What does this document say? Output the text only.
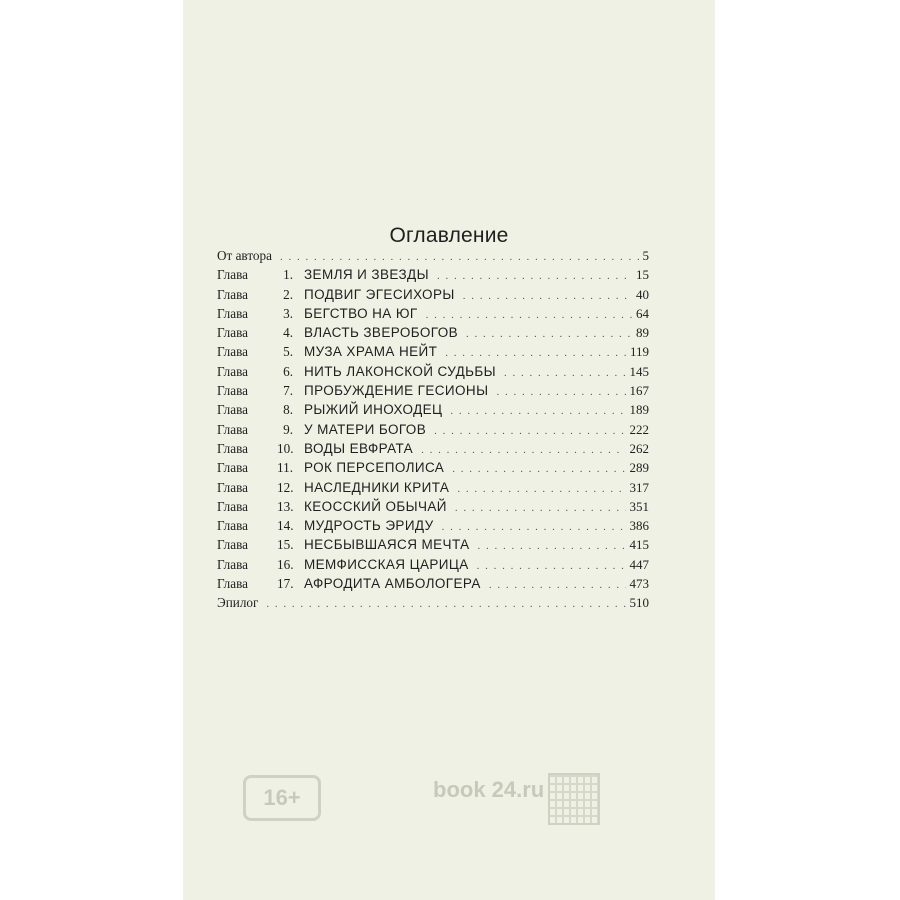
16+	book 24.ru
Оглавление
От автора . . .	5
Глава	1. ЗЕМЛЯ И ЗВЕЗДЫ . . .	15
Глава	2. ПОДВИГ ЭГЕСИХОРЫ . . .	40
Глава	3. БЕГСТВО НА ЮГ . . .	64
Глава	4. ВЛАСТЬ ЗВЕРОБОГОВ . . .	89
Глава	5. МУЗА ХРАМА НЕЙТ . . .	119
Глава	6. НИТЬ ЛАКОНСКОЙ СУДЬБЫ . . .	145
Глава	7. ПРОБУЖДЕНИЕ ГЕСИОНЫ . . .	167
Глава	8. РЫЖИЙ ИНОХОДЕЦ . . .	189
Глава	9. У МАТЕРИ БОГОВ . . .	222
Глава	10. ВОДЫ ЕВФРАТА . . .	262
Глава	11. РОК ПЕРСЕПОЛИСА . . .	289
Глава	12. НАСЛЕДНИКИ КРИТА . . .	317
Глава	13. КЕОССКИЙ ОБЫЧАЙ . . .	351
Глава	14. МУДРОСТЬ ЭРИДУ . . .	386
Глава	15. НЕСБЫВШАЯСЯ МЕЧТА . . .	415
Глава	16. МЕМФИССКАЯ ЦАРИЦА . . .	447
Глава	17. АФРОДИТА АМБОЛОГЕРА . . .	473
Эпилог . . .	510
